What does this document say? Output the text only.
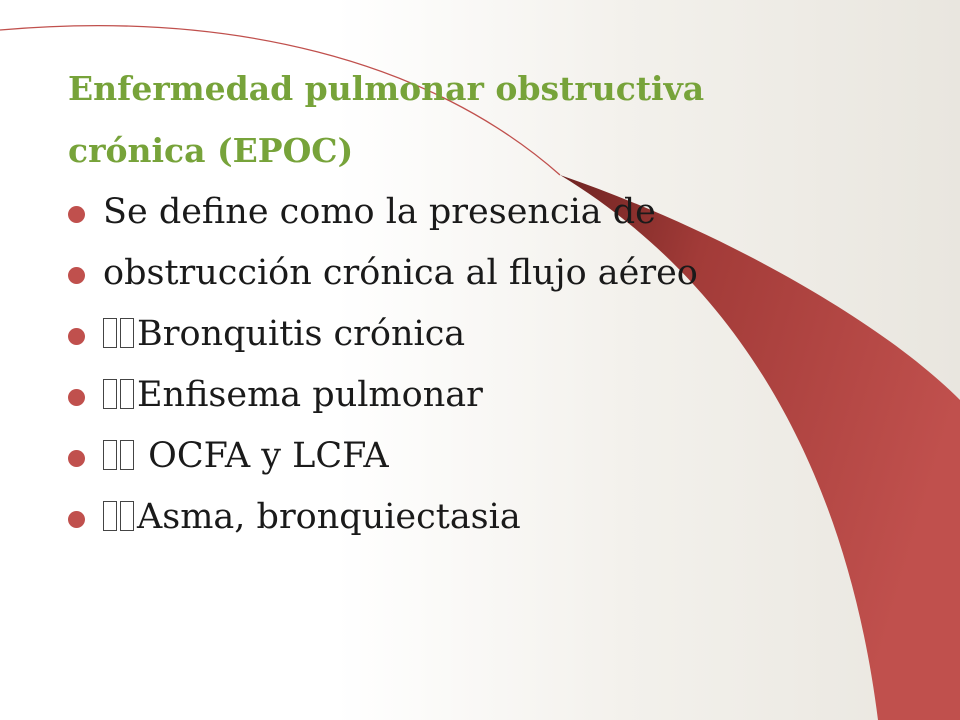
Enfermedad pulmonar obstructiva

crónica (EPOC)

Se define como la presencia de
obstrucción crónica al flujo aéreo
Bronquitis crónica
Enfisema pulmonar
OCFA y LCFA
Asma, bronquiectasia
